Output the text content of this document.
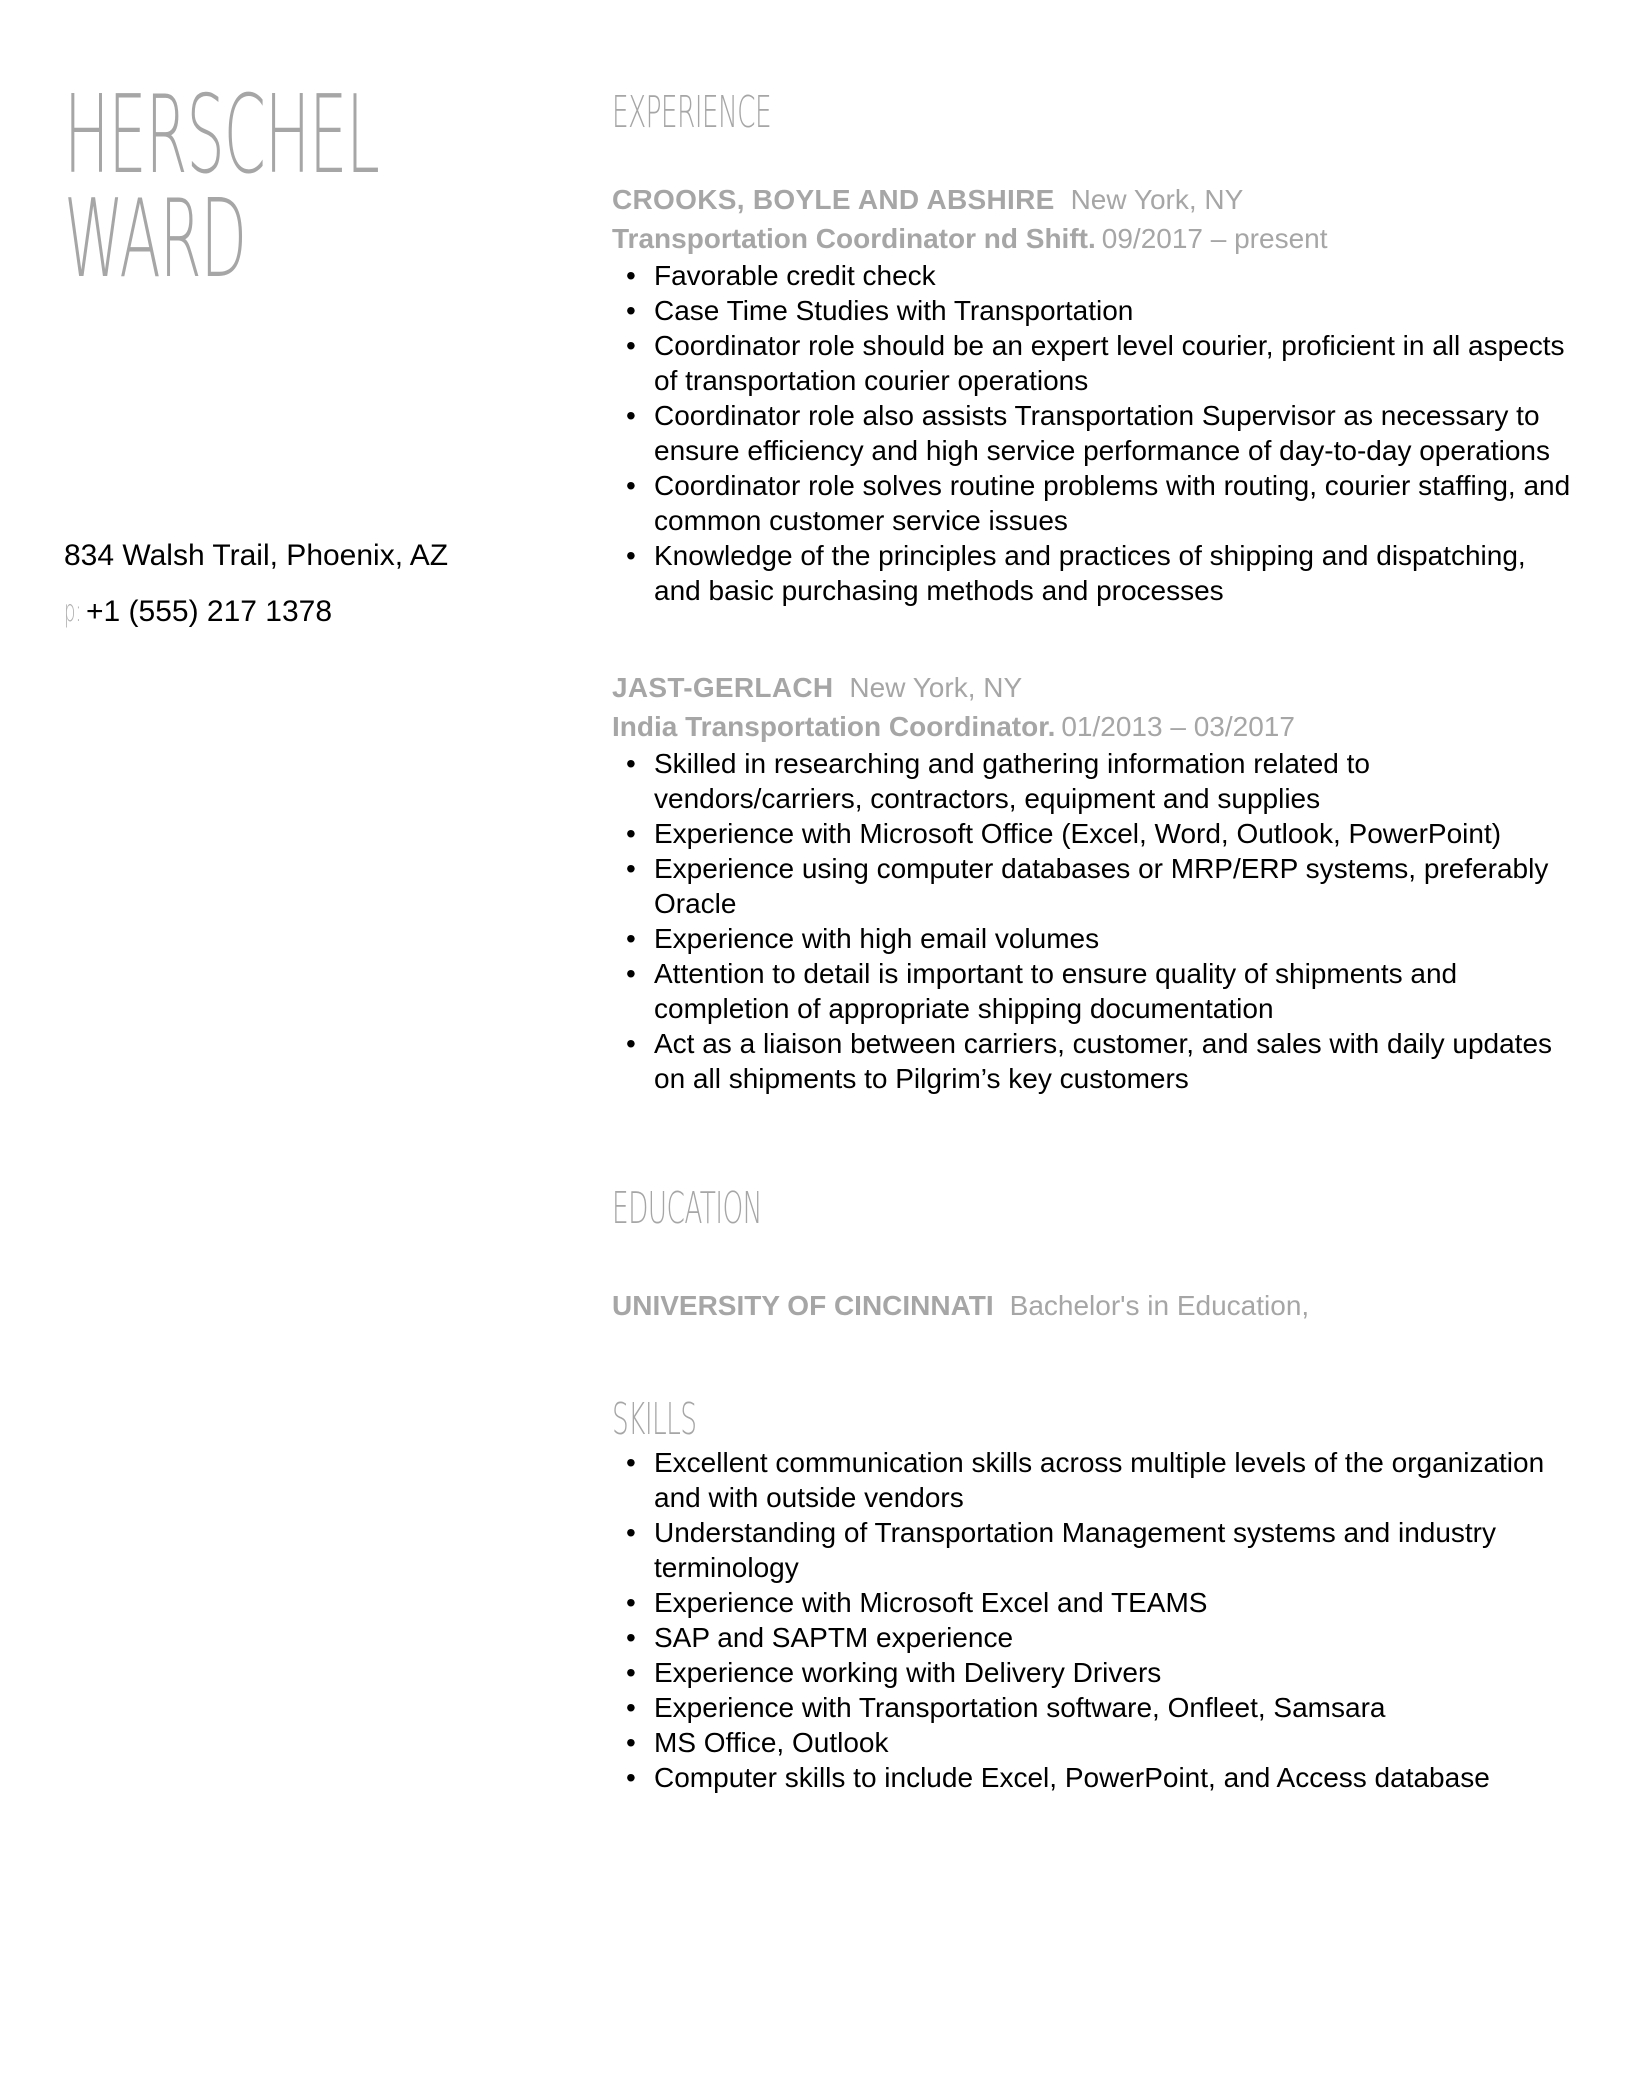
HERSCHEL
WARD
834 Walsh Trail, Phoenix, AZ
p: +1 (555) 217 1378
EXPERIENCE
CROOKS, BOYLE AND ABSHIRE New York, NY
Transportation Coordinator nd Shift. 09/2017 – present
• Favorable credit check
• Case Time Studies with Transportation
• Coordinator role should be an expert level courier, proficient in all aspects of transportation courier operations
• Coordinator role also assists Transportation Supervisor as necessary to ensure efficiency and high service performance of day-to-day operations
• Coordinator role solves routine problems with routing, courier staffing, and common customer service issues
• Knowledge of the principles and practices of shipping and dispatching, and basic purchasing methods and processes
JAST-GERLACH New York, NY
India Transportation Coordinator. 01/2013 – 03/2017
• Skilled in researching and gathering information related to vendors/carriers, contractors, equipment and supplies
• Experience with Microsoft Office (Excel, Word, Outlook, PowerPoint)
• Experience using computer databases or MRP/ERP systems, preferably Oracle
• Experience with high email volumes
• Attention to detail is important to ensure quality of shipments and completion of appropriate shipping documentation
• Act as a liaison between carriers, customer, and sales with daily updates on all shipments to Pilgrim’s key customers
EDUCATION
UNIVERSITY OF CINCINNATI Bachelor's in Education,
SKILLS
• Excellent communication skills across multiple levels of the organization and with outside vendors
• Understanding of Transportation Management systems and industry terminology
• Experience with Microsoft Excel and TEAMS
• SAP and SAPTM experience
• Experience working with Delivery Drivers
• Experience with Transportation software, Onfleet, Samsara
• MS Office, Outlook
• Computer skills to include Excel, PowerPoint, and Access database
